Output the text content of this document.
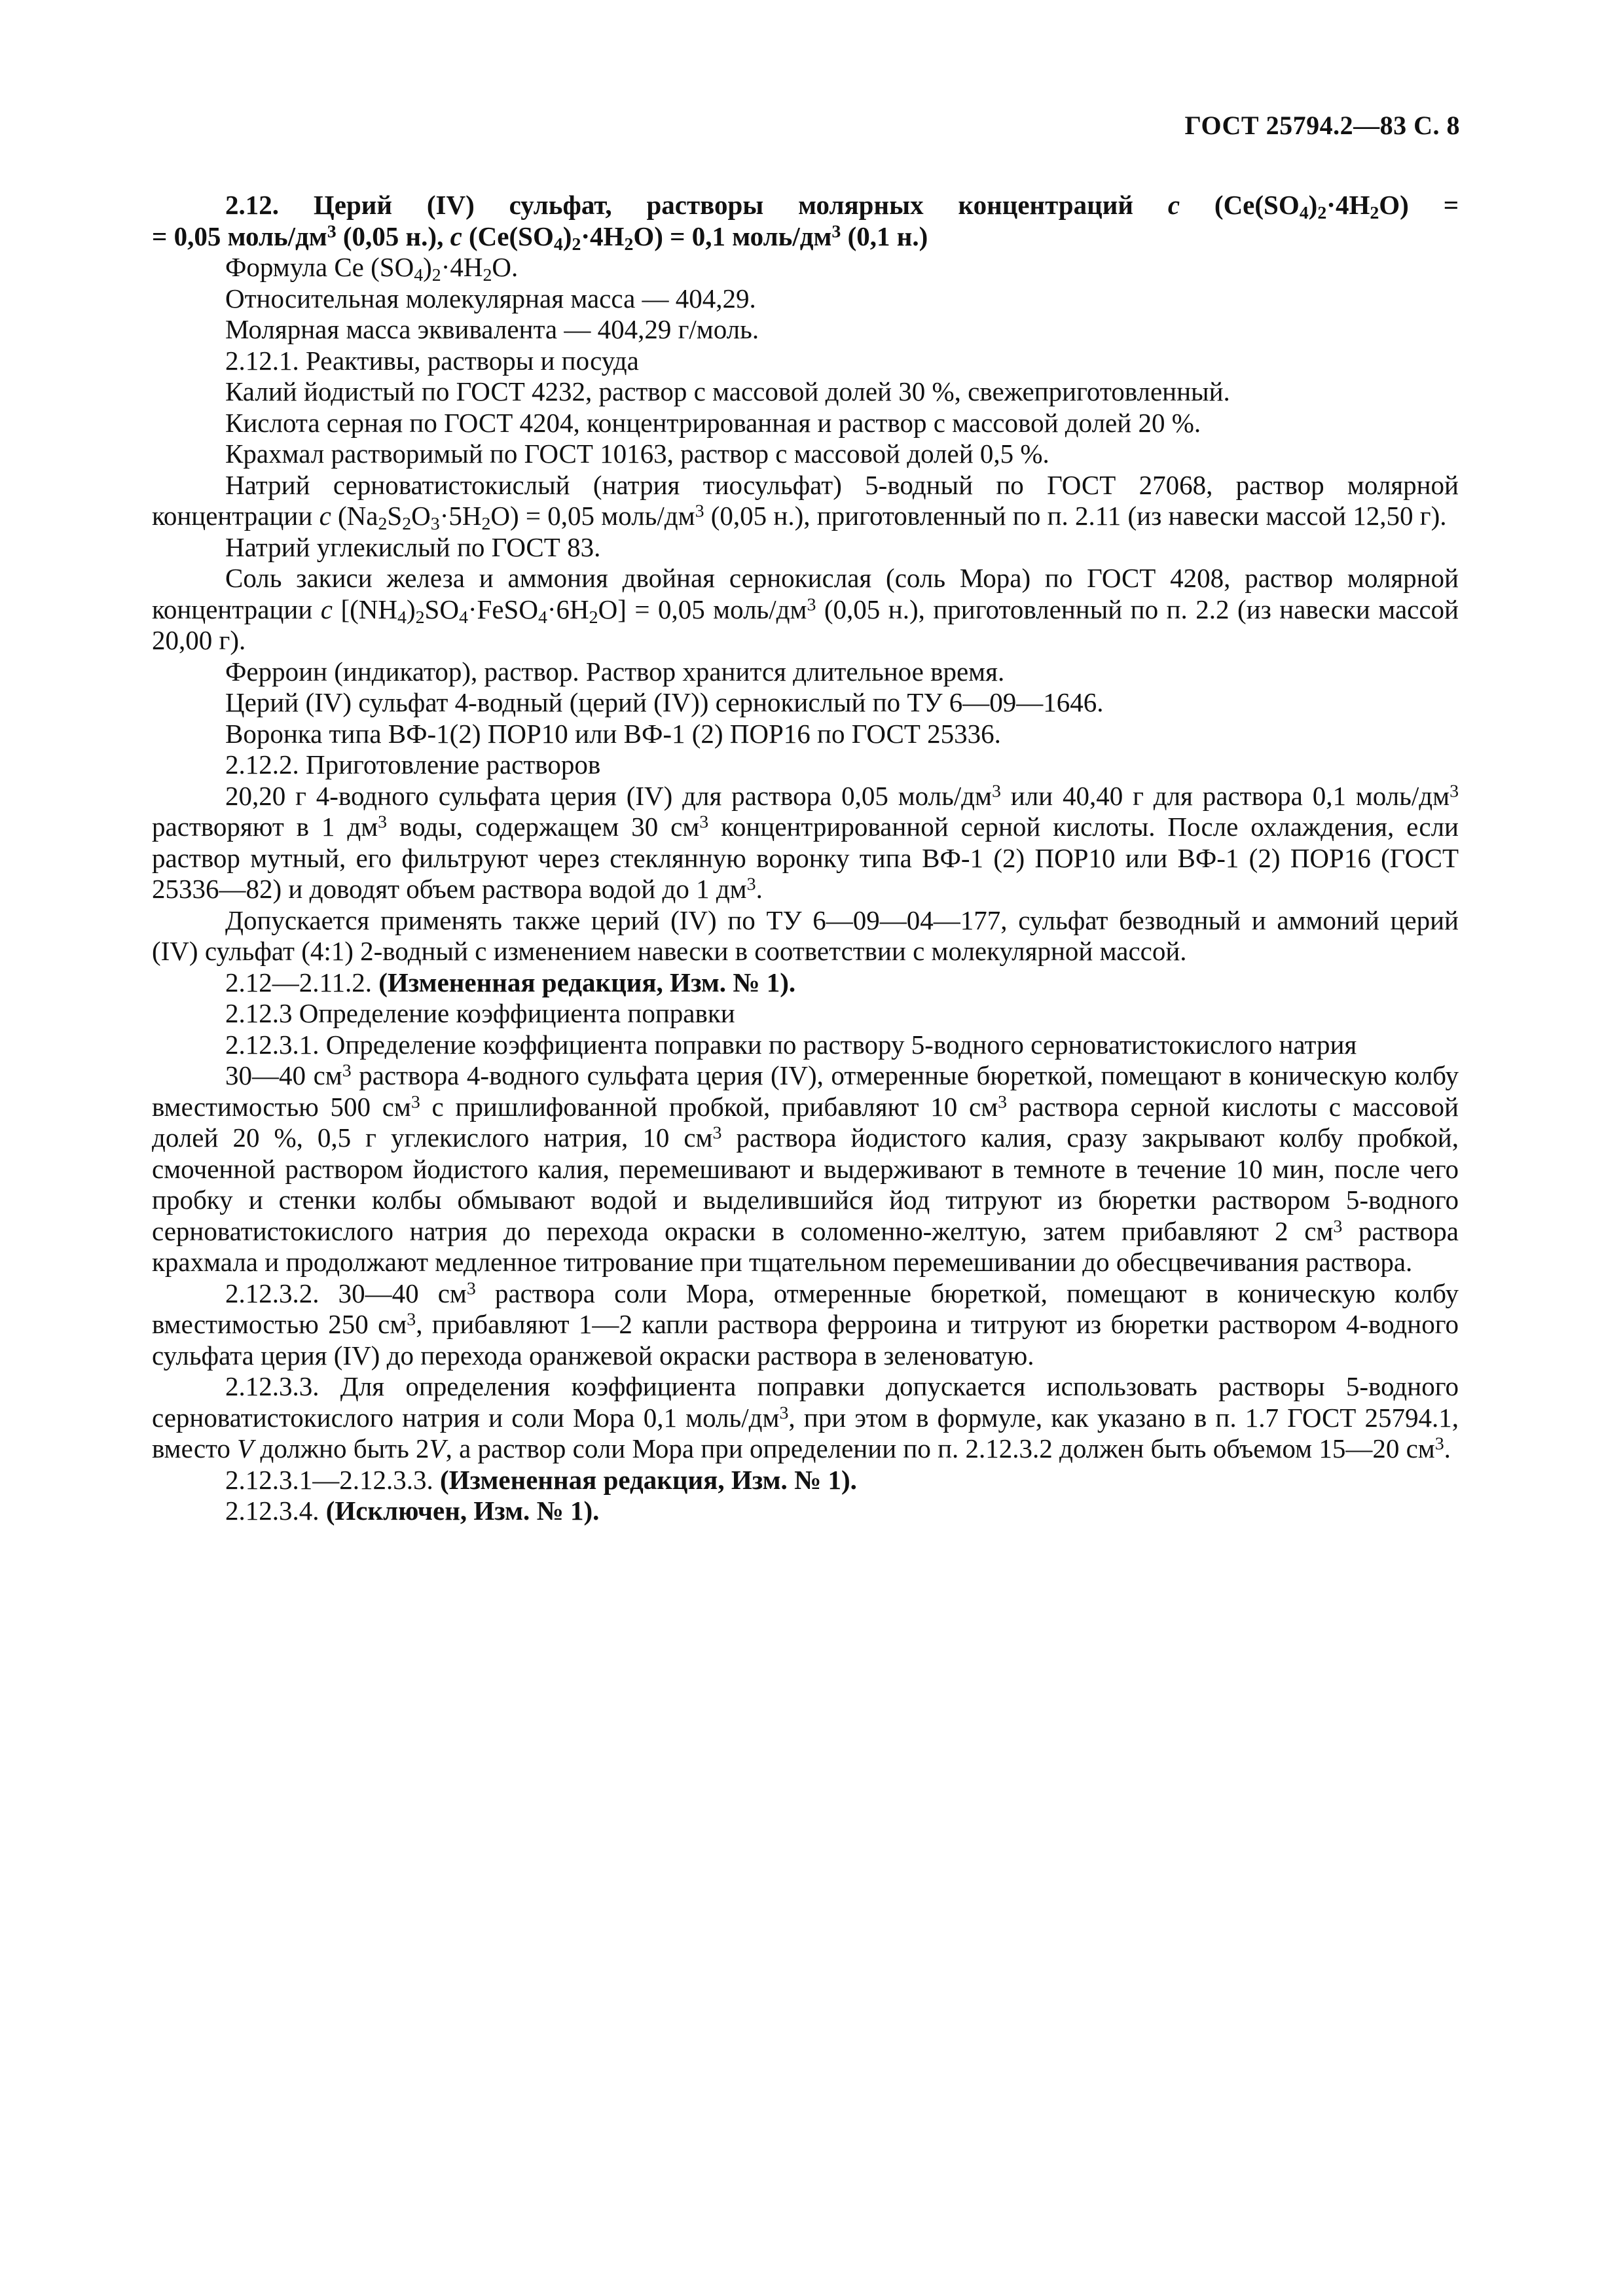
ГОСТ 25794.2—83 С. 8

2.12. Церий (IV) сульфат, растворы молярных концентраций c $(Ce(SO_4)_2\cdot 4H_2O)$ =

= 0,05 моль/$дм^3$ (0,05 н.), c $(Ce(SO_4)_2\cdot 4H_2O) = 0,1$ моль/$дм^3$ (0,1 н.)

Формула Ce $(SO_4)_2\cdot 4H_2O$.

Относительная молекулярная масса — 404,29.

Молярная масса эквивалента — 404,29 г/моль.

2.12.1. Реактивы, растворы и посуда

Калий йодистый по ГОСТ 4232, раствор с массовой долей 30 %, свежеприготовленный.

Кислота серная по ГОСТ 4204, концентрированная и раствор с массовой долей 20 %.

Крахмал растворимый по ГОСТ 10163, раствор с массовой долей 0,5 %.

Натрий серноватистокислый (натрия тиосульфат) 5-водный по ГОСТ 27068, раствор молярной концентрации c $(Na_2S_2O_3\cdot 5H_2O) = 0,05$ моль/$дм^3$ (0,05 н.), приготовленный по п. 2.11 (из навески массой 12,50 г).

Натрий углекислый по ГОСТ 83.

Соль закиси железа и аммония двойная сернокислая (соль Мора) по ГОСТ 4208, раствор молярной концентрации c $[(NH_4)_2SO_4\cdot FeSO_4\cdot 6H_2O] = 0,05$ моль/$дм^3$ (0,05 н.), приготовленный по п. 2.2 (из навески массой 20,00 г).

Ферроин (индикатор), раствор. Раствор хранится длительное время.

Церий (IV) сульфат 4-водный (церий (IV)) сернокислый по ТУ 6—09—1646.

Воронка типа ВФ-1(2) ПОР10 или ВФ-1 (2) ПОР16 по ГОСТ 25336.

2.12.2. Приготовление растворов

20,20 г 4-водного сульфата церия (IV) для раствора 0,05 моль/$дм^3$ или 40,40 г для раствора 0,1 моль/$дм^3$ растворяют в 1 $дм^3$ воды, содержащем 30 $см^3$ концентрированной серной кислоты. После охлаждения, если раствор мутный, его фильтруют через стеклянную воронку типа ВФ-1 (2) ПОР10 или ВФ-1 (2) ПОР16 (ГОСТ 25336—82) и доводят объем раствора водой до 1 $дм^3$.

Допускается применять также церий (IV) по ТУ 6—09—04—177, сульфат безводный и аммоний церий (IV) сульфат (4:1) 2-водный с изменением навески в соответствии с молекулярной массой.

2.12—2.11.2. (Измененная редакция, Изм. № 1).

2.12.3 Определение коэффициента поправки

2.12.3.1. Определение коэффициента поправки по раствору 5-водного серноватистокислого натрия

30—40 $см^3$ раствора 4-водного сульфата церия (IV), отмеренные бюреткой, помещают в коническую колбу вместимостью 500 $см^3$ с пришлифованной пробкой, прибавляют 10 $см^3$ раствора серной кислоты с массовой долей 20 %, 0,5 г углекислого натрия, 10 $см^3$ раствора йодистого калия, сразу закрывают колбу пробкой, смоченной раствором йодистого калия, перемешивают и выдерживают в темноте в течение 10 мин, после чего пробку и стенки колбы обмывают водой и выделившийся йод титруют из бюретки раствором 5-водного серноватистокислого натрия до перехода окраски в соломенно-желтую, затем прибавляют 2 $см^3$ раствора крахмала и продолжают медленное титрование при тщательном перемешивании до обесцвечивания раствора.

2.12.3.2. 30—40 $см^3$ раствора соли Мора, отмеренные бюреткой, помещают в коническую колбу вместимостью 250 $см^3$, прибавляют 1—2 капли раствора ферроина и титруют из бюретки раствором 4-водного сульфата церия (IV) до перехода оранжевой окраски раствора в зеленоватую.

2.12.3.3. Для определения коэффициента поправки допускается использовать растворы 5-водного серноватистокислого натрия и соли Мора 0,1 моль/$дм^3$, при этом в формуле, как указано в п. 1.7 ГОСТ 25794.1, вместо V должно быть 2V, а раствор соли Мора при определении по п. 2.12.3.2 должен быть объемом 15—20 $см^3$.

2.12.3.1—2.12.3.3. (Измененная редакция, Изм. № 1).

2.12.3.4. (Исключен, Изм. № 1).
